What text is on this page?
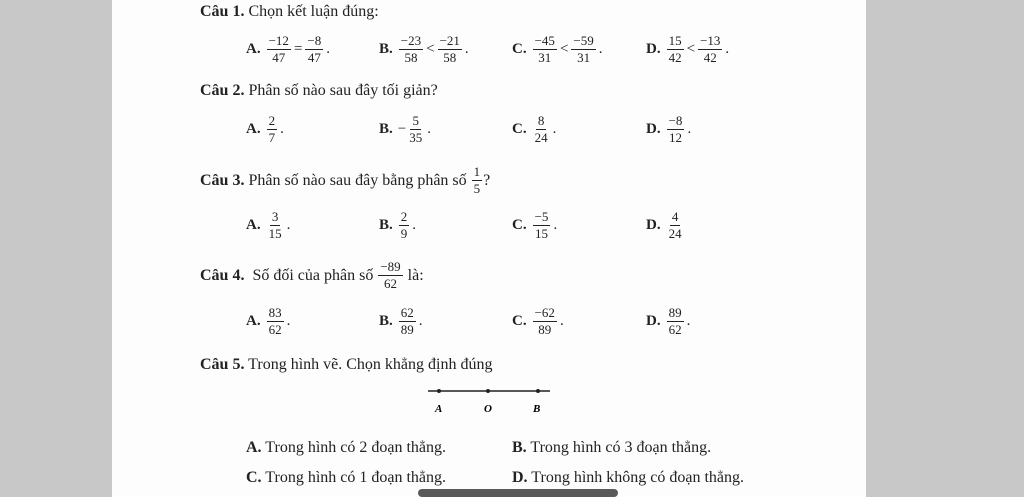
Câu 1. Chọn kết luận đúng:
A. $\frac{-12}{47} = \frac{-8}{47}$ .	B. $\frac{-23}{58} < \frac{-21}{58}$ .	C. $\frac{-45}{31} < \frac{-59}{31}$ .	D. $\frac{15}{42} < \frac{-13}{42}$ .
Câu 2. Phân số nào sau đây tối giản?
A. $\frac{2}{7}$ .	B. − $\frac{5}{35}$ .	C. $\frac{8}{24}$ .	D. $\frac{-8}{12}$ .
Câu 3.
Phân số nào sau đây bằng phân số
$\frac{1}{5}$ ?
A. $\frac{3}{15}$ .	B. $\frac{2}{9}$ .	C. $\frac{-5}{15}$ .	D. $\frac{4}{24}$
Câu 4.
Số đối của phân số
$\frac{-89}{62}$
là:
A. $\frac{83}{62}$ .	B. $\frac{62}{89}$ .	C. $\frac{-62}{89}$ .	D. $\frac{89}{62}$ .
Câu 5. Trong hình vẽ. Chọn khẳng định đúng
A	O	B
A. Trong hình có 2 đoạn thẳng.	B. Trong hình có 3 đoạn thẳng.
C. Trong hình có 1 đoạn thẳng.	D. Trong hình không có đoạn thẳng.
